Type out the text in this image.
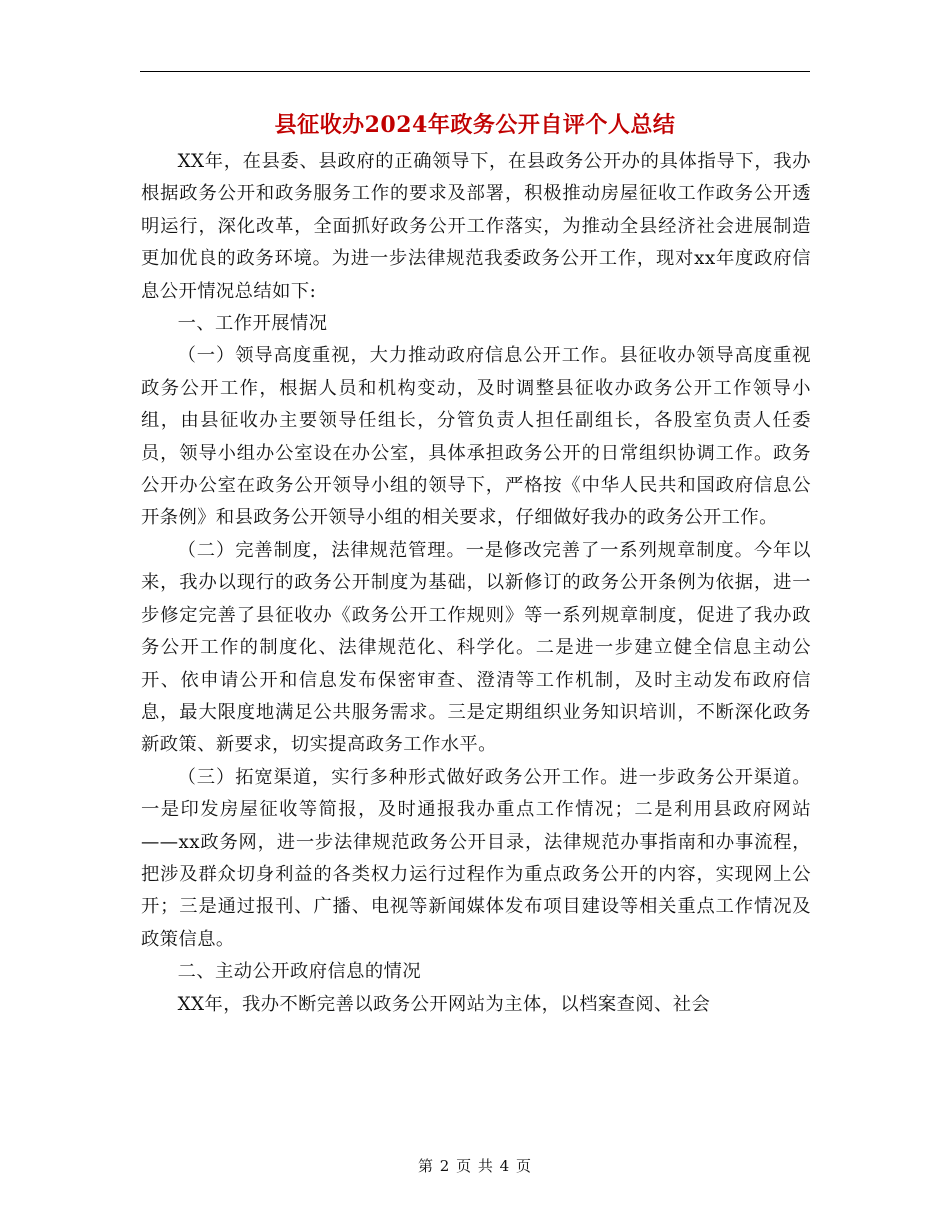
县征收办2024年政务公开自评个人总结

XX年，在县委、县政府的正确领导下，在县政务公开办的具体指导下，我办根据政务公开和政务服务工作的要求及部署，积极推动房屋征收工作政务公开透明运行，深化改革，全面抓好政务公开工作落实，为推动全县经济社会进展制造更加优良的政务环境。为进一步法律规范我委政务公开工作，现对xx年度政府信息公开情况总结如下:

一、工作开展情况

（一）领导高度重视，大力推动政府信息公开工作。县征收办领导高度重视政务公开工作，根据人员和机构变动，及时调整县征收办政务公开工作领导小组，由县征收办主要领导任组长，分管负责人担任副组长，各股室负责人任委员，领导小组办公室设在办公室，具体承担政务公开的日常组织协调工作。政务公开办公室在政务公开领导小组的领导下，严格按《中华人民共和国政府信息公开条例》和县政务公开领导小组的相关要求，仔细做好我办的政务公开工作。

（二）完善制度，法律规范管理。一是修改完善了一系列规章制度。今年以来，我办以现行的政务公开制度为基础，以新修订的政务公开条例为依据，进一步修定完善了县征收办《政务公开工作规则》等一系列规章制度，促进了我办政务公开工作的制度化、法律规范化、科学化。二是进一步建立健全信息主动公开、依申请公开和信息发布保密审查、澄清等工作机制，及时主动发布政府信息，最大限度地满足公共服务需求。三是定期组织业务知识培训，不断深化政务新政策、新要求，切实提高政务工作水平。

（三）拓宽渠道，实行多种形式做好政务公开工作。进一步政务公开渠道。一是印发房屋征收等简报，及时通报我办重点工作情况；二是利用县政府网站——xx政务网，进一步法律规范政务公开目录，法律规范办事指南和办事流程，把涉及群众切身利益的各类权力运行过程作为重点政务公开的内容，实现网上公开；三是通过报刊、广播、电视等新闻媒体发布项目建设等相关重点工作情况及政策信息。

二、主动公开政府信息的情况

XX年，我办不断完善以政务公开网站为主体，以档案查阅、社会

第 2 页 共 4 页
